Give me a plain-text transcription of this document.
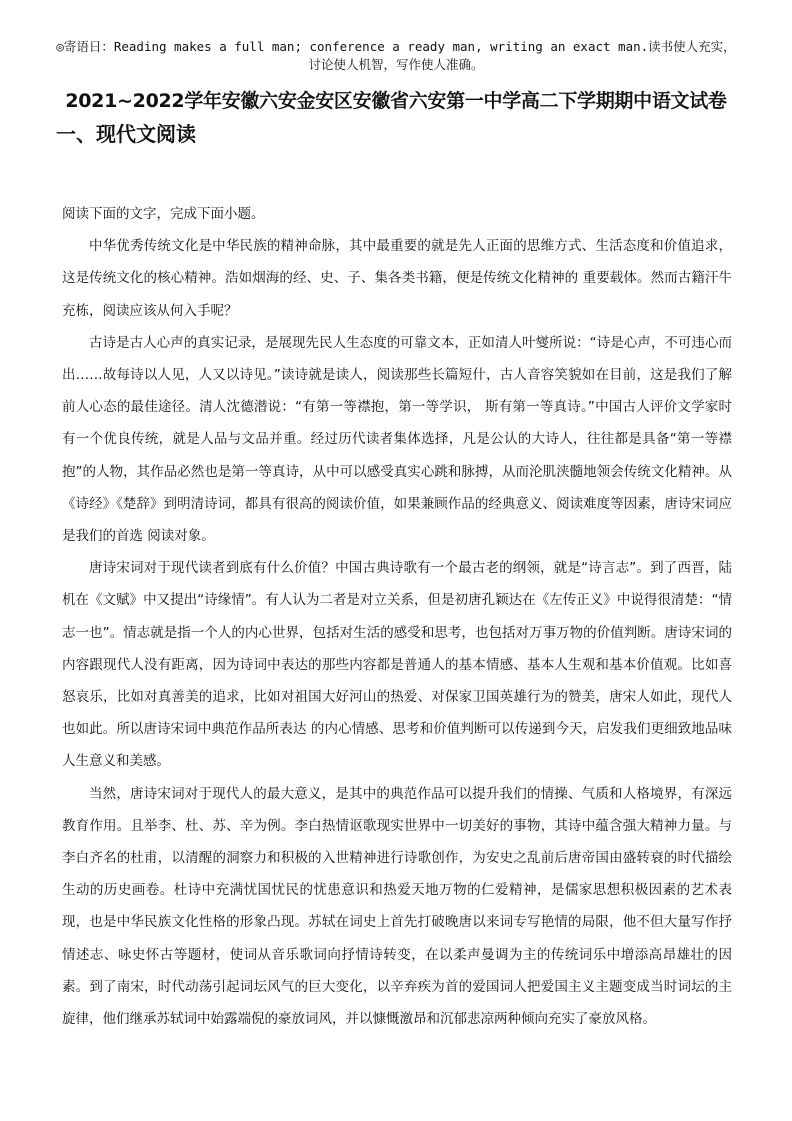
◎寄语日：Reading makes a full man; conference a ready man, writing an exact man.读书使人充实，
讨论使人机智，写作使人准确。
2021~2022学年安徽六安金安区安徽省六安第一中学高二下学期期中语文试卷
一、现代文阅读

阅读下面的文字，完成下面小题。

中华优秀传统文化是中华民族的精神命脉，其中最重要的就是先人正面的思维方式、生活态度和价值追求，这是传统文化的核心精神。浩如烟海的经、史、子、集各类书籍，便是传统文化精神的 重要载体。然而古籍汗牛充栋，阅读应该从何入手呢？

古诗是古人心声的真实记录，是展现先民人生态度的可靠文本，正如清人叶燮所说：“诗是心声，不可违心而出……故每诗以人见，人又以诗见。”读诗就是读人，阅读那些长篇短什，古人音容笑貌如在目前，这是我们了解前人心态的最佳途径。清人沈德潜说：“有第一等襟抱，第一等学识， 斯有第一等真诗。”中国古人评价文学家时有一个优良传统，就是人品与文品并重。经过历代读者集体选择，凡是公认的大诗人，往往都是具备“第一等襟抱”的人物，其作品必然也是第一等真诗，从中可以感受真实心跳和脉搏，从而沦肌浃髓地领会传统文化精神。从《诗经》《楚辞》到明清诗词，都具有很高的阅读价值，如果兼顾作品的经典意义、阅读难度等因素，唐诗宋词应是我们的首选 阅读对象。

唐诗宋词对于现代读者到底有什么价值？中国古典诗歌有一个最古老的纲领，就是“诗言志”。到了西晋，陆机在《文赋》中又提出“诗缘情”。有人认为二者是对立关系，但是初唐孔颖达在《左传正义》中说得很清楚：“情志一也”。情志就是指一个人的内心世界，包括对生活的感受和思考，也包括对万事万物的价值判断。唐诗宋词的内容跟现代人没有距离，因为诗词中表达的那些内容都是普通人的基本情感、基本人生观和基本价值观。比如喜怒哀乐，比如对真善美的追求，比如对祖国大好河山的热爱、对保家卫国英雄行为的赞美，唐宋人如此，现代人也如此。所以唐诗宋词中典范作品所表达 的内心情感、思考和价值判断可以传递到今天，启发我们更细致地品味人生意义和美感。

当然，唐诗宋词对于现代人的最大意义，是其中的典范作品可以提升我们的情操、气质和人格境界，有深远教育作用。且举李、杜、苏、辛为例。李白热情讴歌现实世界中一切美好的事物，其诗中蕴含强大精神力量。与李白齐名的杜甫，以清醒的洞察力和积极的入世精神进行诗歌创作，为安史之乱前后唐帝国由盛转衰的时代描绘生动的历史画卷。杜诗中充满忧国忧民的忧患意识和热爱天地万物的仁爱精神，是儒家思想积极因素的艺术表现，也是中华民族文化性格的形象凸现。苏轼在词史上首先打破晚唐以来词专写艳情的局限，他不但大量写作抒情述志、咏史怀古等题材，使词从音乐歌词向抒情诗转变，在以柔声曼调为主的传统词乐中增添高昂雄壮的因素。到了南宋，时代动荡引起词坛风气的巨大变化，以辛弃疾为首的爱国词人把爱国主义主题变成当时词坛的主旋律，他们继承苏轼词中始露端倪的豪放词风，并以慷慨激昂和沉郁悲凉两种倾向充实了豪放风格。
